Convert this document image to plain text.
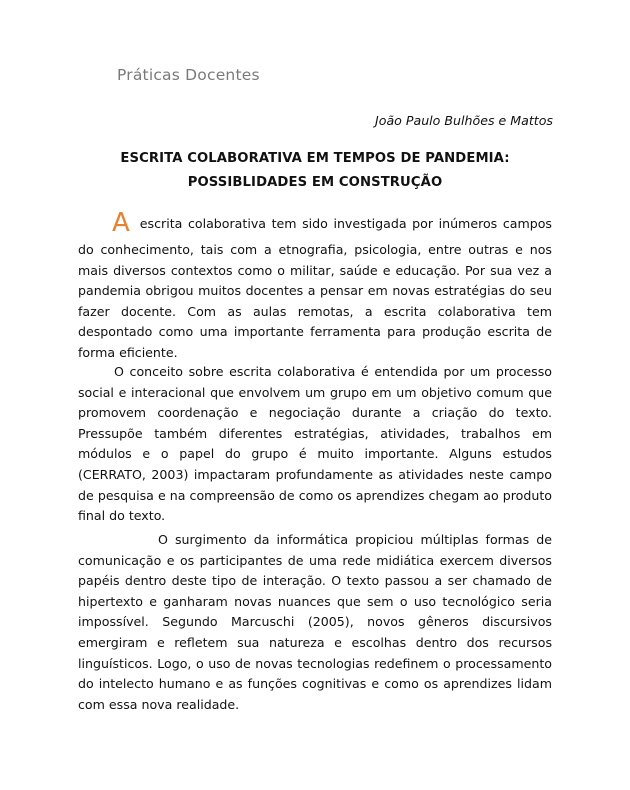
Práticas Docentes
João Paulo Bulhões e Mattos
ESCRITA COLABORATIVA EM TEMPOS DE PANDEMIA:
POSSIBLIDADES EM CONSTRUÇÃO
A escrita colaborativa tem sido investigada por inúmeros campos
do conhecimento, tais com a etnografia, psicologia, entre outras e nos mais diversos contextos como o militar, saúde e educação. Por sua vez a pandemia obrigou muitos docentes a pensar em novas estratégias do seu fazer docente. Com as aulas remotas, a escrita colaborativa tem despontado como uma importante ferramenta para produção escrita de forma eficiente.
O conceito sobre escrita colaborativa é entendida por um processo social e interacional que envolvem um grupo em um objetivo comum que promovem coordenação e negociação durante a criação do texto. Pressupõe também diferentes estratégias, atividades, trabalhos em módulos e o papel do grupo é muito importante. Alguns estudos (CERRATO, 2003) impactaram profundamente as atividades neste campo de pesquisa e na compreensão de como os aprendizes chegam ao produto final do texto.
O surgimento da informática propiciou múltiplas formas de comunicação e os participantes de uma rede midiática exercem diversos papéis dentro deste tipo de interação. O texto passou a ser chamado de hipertexto e ganharam novas nuances que sem o uso tecnológico seria impossível. Segundo Marcuschi (2005), novos gêneros discursivos emergiram e refletem sua natureza e escolhas dentro dos recursos linguísticos. Logo, o uso de novas tecnologias redefinem o processamento do intelecto humano e as funções cognitivas e como os aprendizes lidam com essa nova realidade.
